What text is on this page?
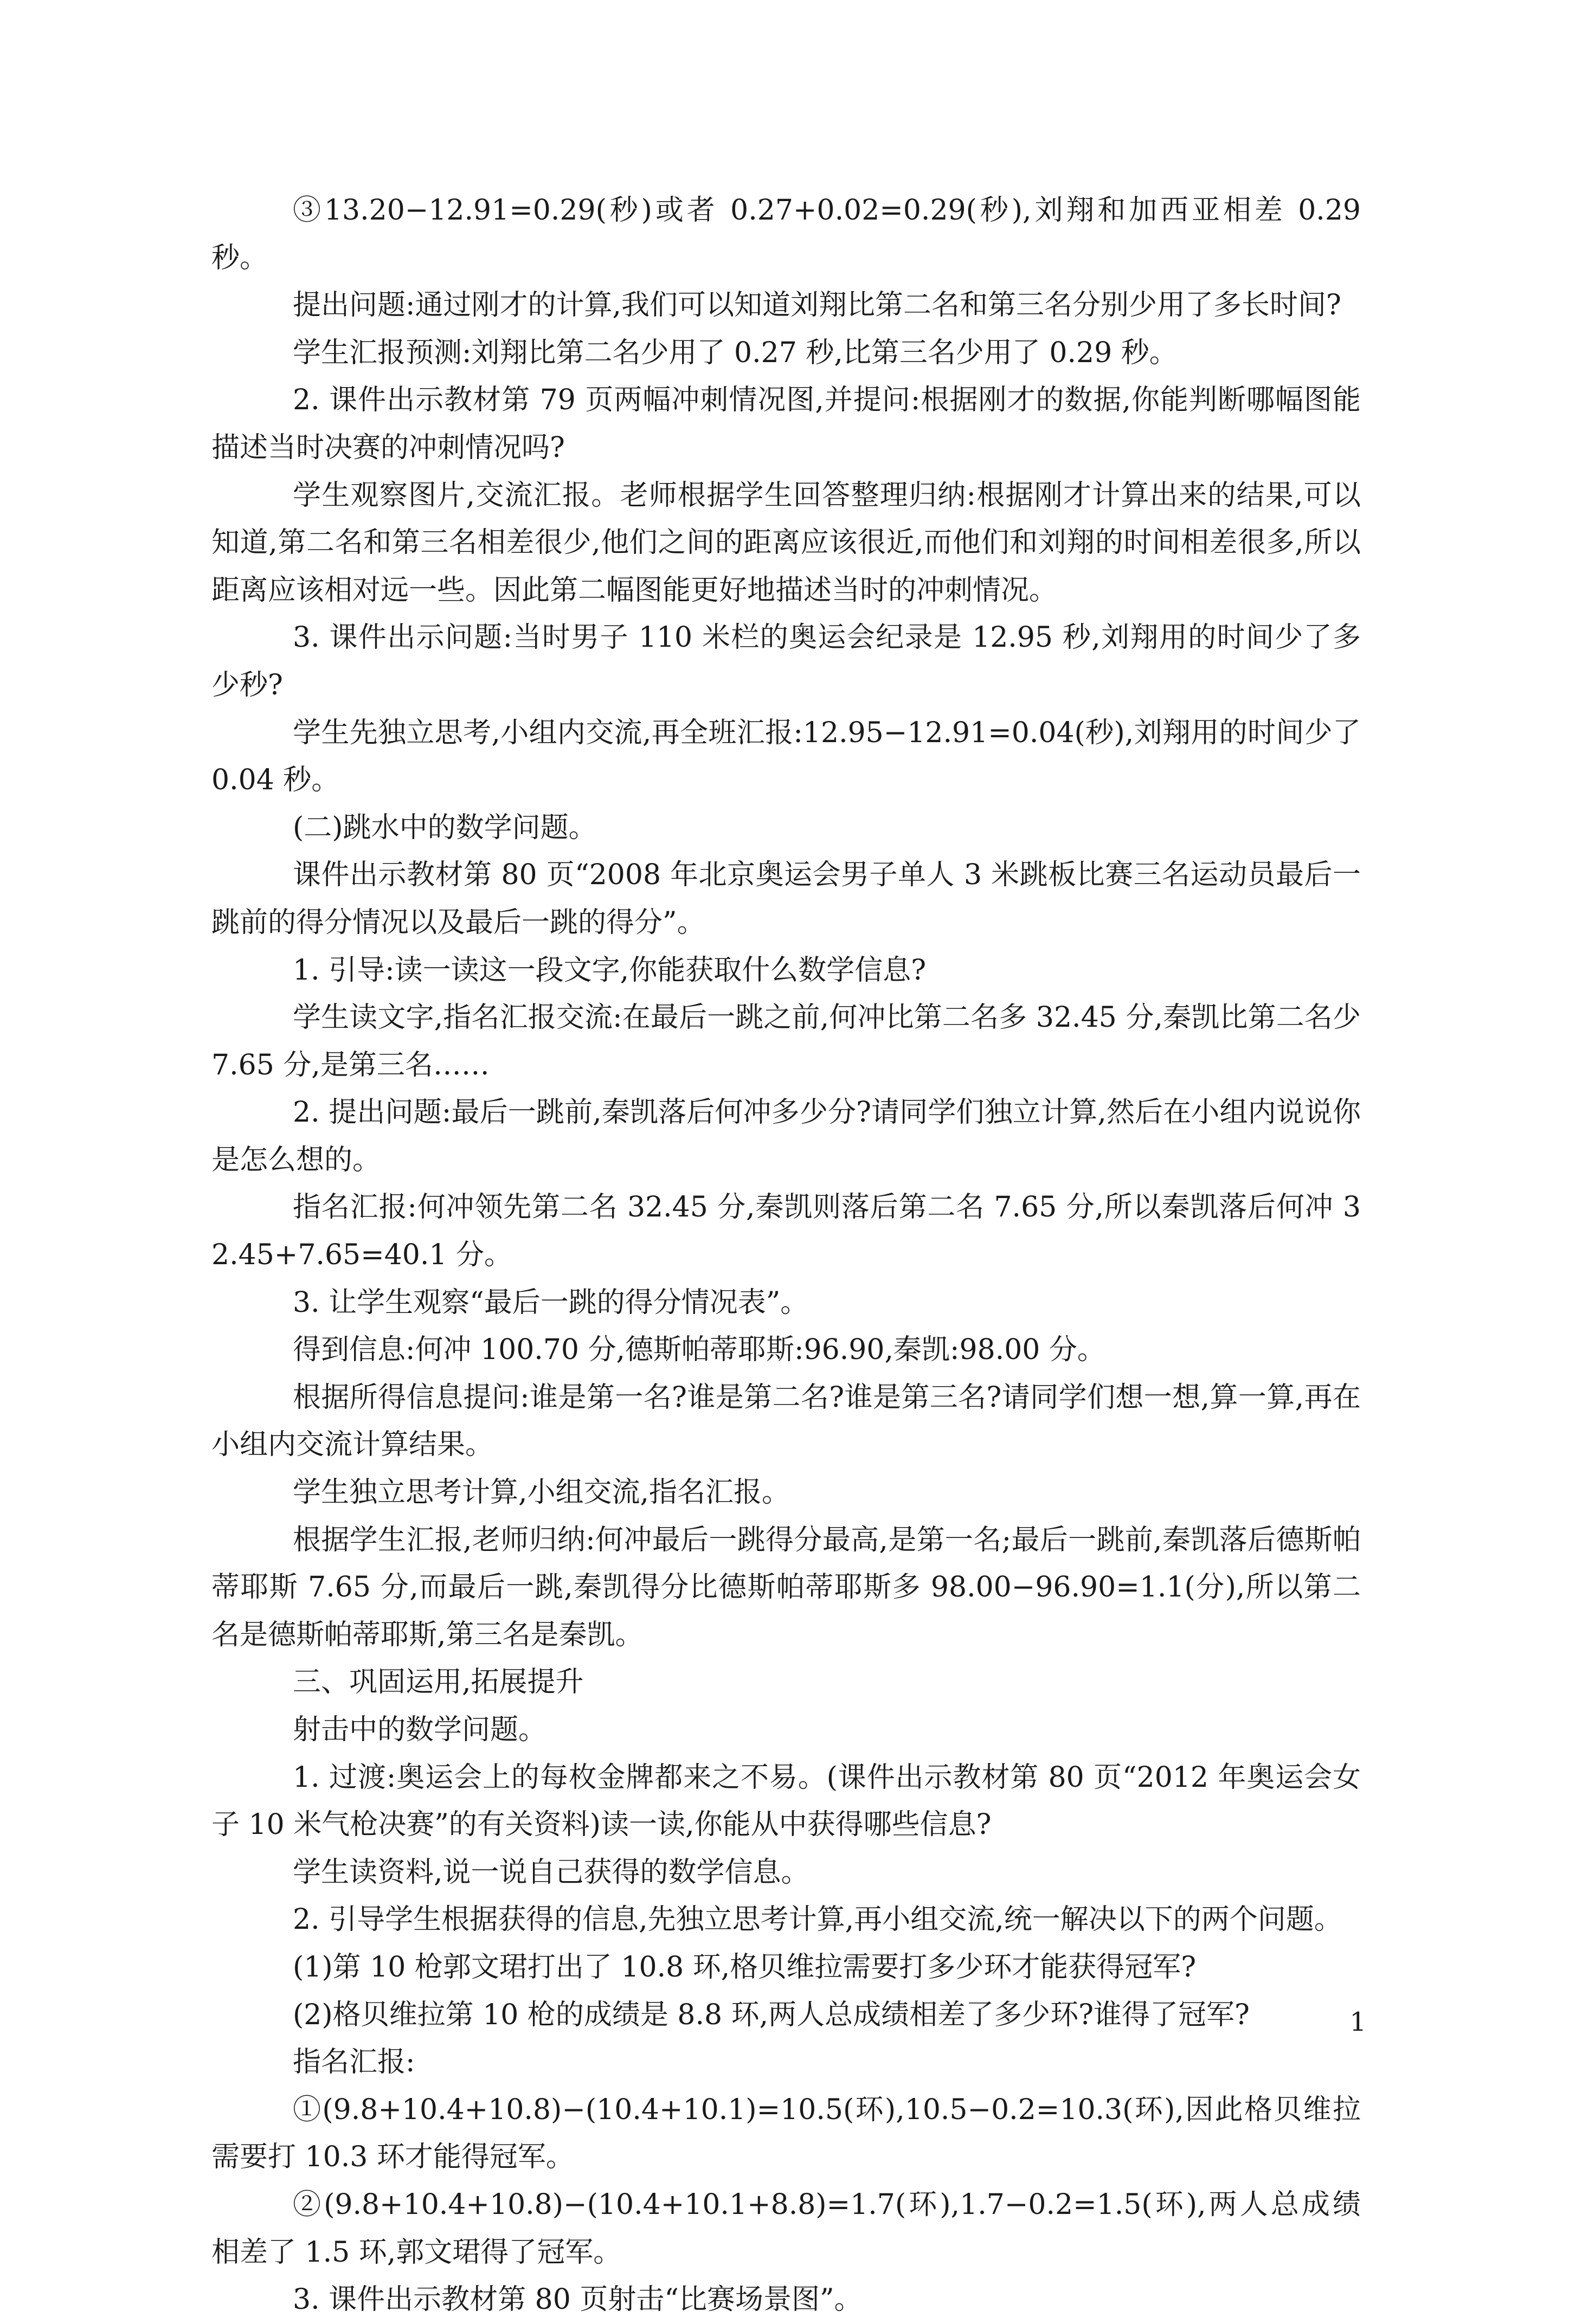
③13.20−12.91=0.29(秒)或者 0.27+0.02=0.29(秒),刘翔和加西亚相差 0.29 秒。

提出问题:通过刚才的计算,我们可以知道刘翔比第二名和第三名分别少用了多长时间?

学生汇报预测:刘翔比第二名少用了 0.27 秒,比第三名少用了 0.29 秒。

2. 课件出示教材第 79 页两幅冲刺情况图,并提问:根据刚才的数据,你能判断哪幅图能描述当时决赛的冲刺情况吗?

学生观察图片,交流汇报。老师根据学生回答整理归纳:根据刚才计算出来的结果,可以知道,第二名和第三名相差很少,他们之间的距离应该很近,而他们和刘翔的时间相差很多,所以距离应该相对远一些。因此第二幅图能更好地描述当时的冲刺情况。

3. 课件出示问题:当时男子 110 米栏的奥运会纪录是 12.95 秒,刘翔用的时间少了多少秒?

学生先独立思考,小组内交流,再全班汇报:12.95−12.91=0.04(秒),刘翔用的时间少了 0.04 秒。

(二)跳水中的数学问题。

课件出示教材第 80 页“2008 年北京奥运会男子单人 3 米跳板比赛三名运动员最后一跳前的得分情况以及最后一跳的得分”。

1. 引导:读一读这一段文字,你能获取什么数学信息?

学生读文字,指名汇报交流:在最后一跳之前,何冲比第二名多 32.45 分,秦凯比第二名少 7.65 分,是第三名……

2. 提出问题:最后一跳前,秦凯落后何冲多少分?请同学们独立计算,然后在小组内说说你是怎么想的。

指名汇报:何冲领先第二名 32.45 分,秦凯则落后第二名 7.65 分,所以秦凯落后何冲 32.45+7.65=40.1 分。

3. 让学生观察“最后一跳的得分情况表”。

得到信息:何冲 100.70 分,德斯帕蒂耶斯:96.90,秦凯:98.00 分。

根据所得信息提问:谁是第一名?谁是第二名?谁是第三名?请同学们想一想,算一算,再在小组内交流计算结果。

学生独立思考计算,小组交流,指名汇报。

根据学生汇报,老师归纳:何冲最后一跳得分最高,是第一名;最后一跳前,秦凯落后德斯帕蒂耶斯 7.65 分,而最后一跳,秦凯得分比德斯帕蒂耶斯多 98.00−96.90=1.1(分),所以第二名是德斯帕蒂耶斯,第三名是秦凯。

三、巩固运用,拓展提升

射击中的数学问题。

1. 过渡:奥运会上的每枚金牌都来之不易。(课件出示教材第 80 页“2012 年奥运会女子 10 米气枪决赛”的有关资料)读一读,你能从中获得哪些信息?

学生读资料,说一说自己获得的数学信息。

2. 引导学生根据获得的信息,先独立思考计算,再小组交流,统一解决以下的两个问题。

(1)第 10 枪郭文珺打出了 10.8 环,格贝维拉需要打多少环才能获得冠军?

(2)格贝维拉第 10 枪的成绩是 8.8 环,两人总成绩相差了多少环?谁得了冠军?

指名汇报:

①(9.8+10.4+10.8)−(10.4+10.1)=10.5(环),10.5−0.2=10.3(环),因此格贝维拉需要打 10.3 环才能得冠军。

②(9.8+10.4+10.8)−(10.4+10.1+8.8)=1.7(环),1.7−0.2=1.5(环),两人总成绩相差了 1.5 环,郭文珺得了冠军。

3. 课件出示教材第 80 页射击“比赛场景图”。

1
